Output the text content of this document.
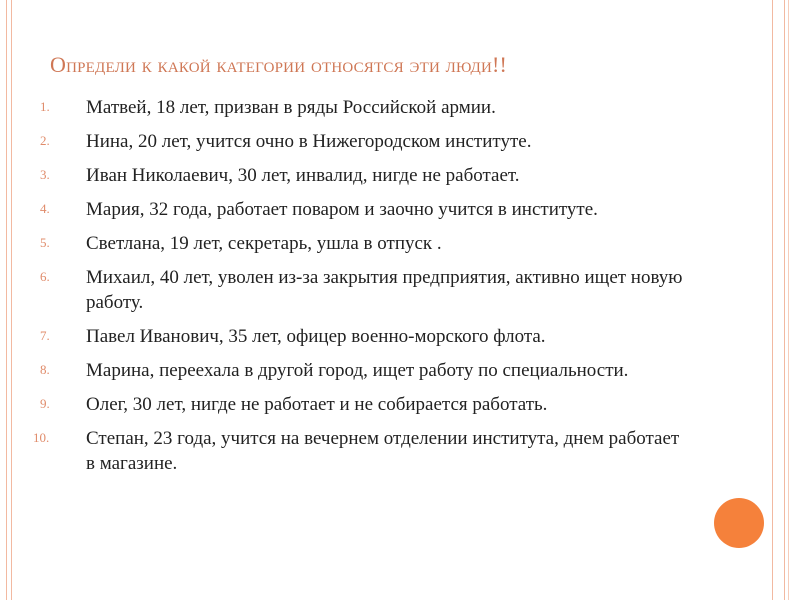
Определи к какой категории относятся эти люди!!
1.	Матвей, 18 лет, призван в ряды Российской армии.
2.	Нина, 20 лет, учится очно в Нижегородском институте.
3.	Иван Николаевич, 30 лет, инвалид, нигде не работает.
4.	Мария, 32 года, работает поваром и заочно учится в институте.
5.	Светлана, 19 лет, секретарь, ушла в отпуск .
6.	Михаил, 40 лет, уволен из-за закрытия предприятия, активно ищет новую работу.
7.	Павел Иванович, 35 лет, офицер военно-морского флота.
8.	Марина, переехала в другой город, ищет работу по специальности.
9.	Олег, 30 лет, нигде не работает и не собирается работать.
10.	Степан, 23 года, учится на вечернем отделении института, днем работает в магазине.
